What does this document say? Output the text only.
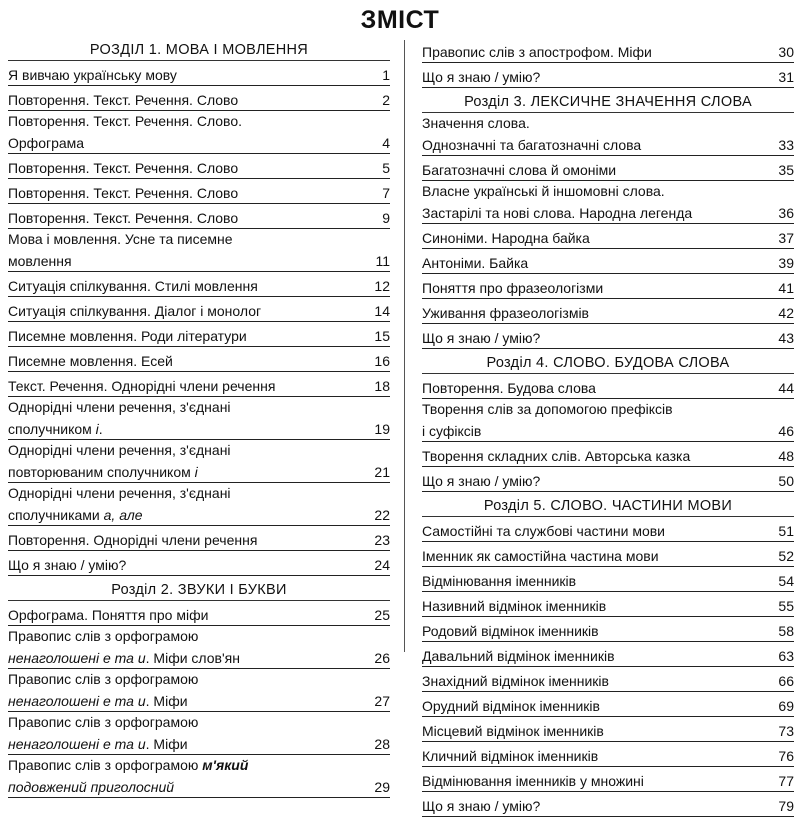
ЗМІСТ
РОЗДІЛ 1. МОВА І МОВЛЕННЯ
Я вивчаю українську мову	1
Повторення. Текст. Речення. Слово	2
Повторення. Текст. Речення. Слово.
Орфограма	4
Повторення. Текст. Речення. Слово	5
Повторення. Текст. Речення. Слово	7
Повторення. Текст. Речення. Слово	9
Мова і мовлення. Усне та писемне
мовлення	11
Ситуація спілкування. Стилі мовлення	12
Ситуація спілкування. Діалог і монолог	14
Писемне мовлення. Роди літератури	15
Писемне мовлення. Есей	16
Текст. Речення. Однорідні члени речення	18
Однорідні члени речення, з'єднані
сполучником і.	19
Однорідні члени речення, з'єднані
повторюваним сполучником і	21
Однорідні члени речення, з'єднані
сполучниками а, але	22
Повторення. Однорідні члени речення	23
Що я знаю / умію?	24
Розділ 2. ЗВУКИ І БУКВИ
Орфограма. Поняття про міфи	25
Правопис слів з орфограмою
ненаголошені е та и. Міфи слов'ян	26
Правопис слів з орфограмою
ненаголошені е та и. Міфи	27
Правопис слів з орфограмою
ненаголошені е та и. Міфи	28
Правопис слів з орфограмою м'який
подовжений приголосний	29
Правопис слів з апострофом. Міфи	30
Що я знаю / умію?	31
Розділ 3. ЛЕКСИЧНЕ ЗНАЧЕННЯ СЛОВА
Значення слова.
Однозначні та багатозначні слова	33
Багатозначні слова й омоніми	35
Власне українські й іншомовні слова.
Застарілі та нові слова. Народна легенда	36
Синоніми. Народна байка	37
Антоніми. Байка	39
Поняття про фразеологізми	41
Уживання фразеологізмів	42
Що я знаю / умію?	43
Розділ 4. СЛОВО. БУДОВА СЛОВА
Повторення. Будова слова	44
Творення слів за допомогою префіксів
і суфіксів	46
Творення складних слів. Авторська казка	48
Що я знаю / умію?	50
Розділ 5. СЛОВО. ЧАСТИНИ МОВИ
Самостійні та службові частини мови	51
Іменник як самостійна частина мови	52
Відмінювання іменників	54
Називний відмінок іменників	55
Родовий відмінок іменників	58
Давальний відмінок іменників	63
Знахідний відмінок іменників	66
Орудний відмінок іменників	69
Місцевий відмінок іменників	73
Кличний відмінок іменників	76
Відмінювання іменників у множині	77
Що я знаю / умію?	79
